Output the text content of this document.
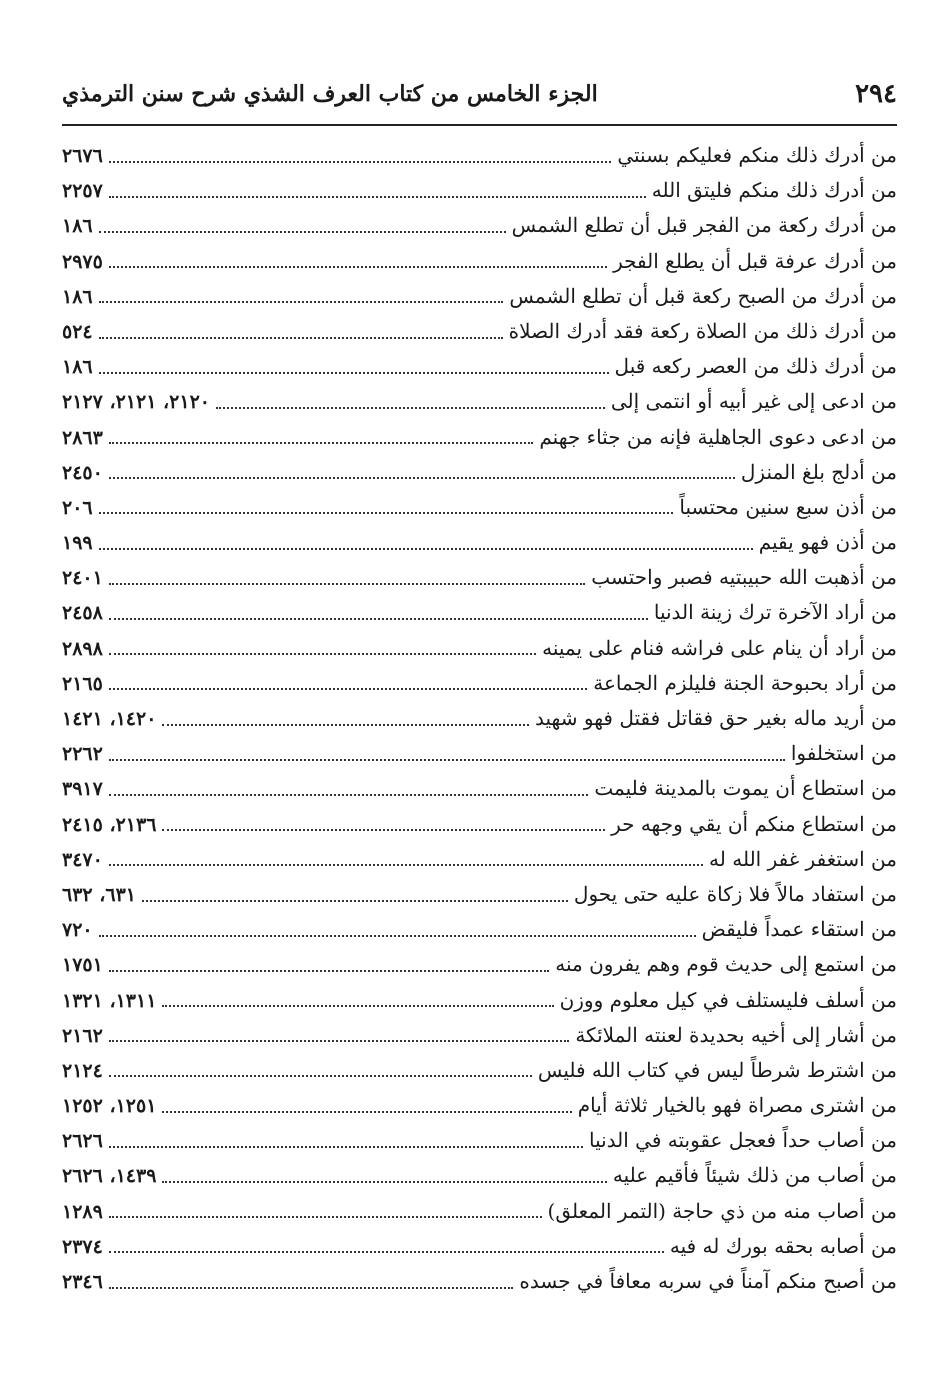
٢٩٤
الجزء الخامس من كتاب العرف الشذي شرح سنن الترمذي
من أدرك ذلك منكم فعليكم بسنتي
٢٦٧٦
من أدرك ذلك منكم فليتق الله
٢٢٥٧
من أدرك ركعة من الفجر قبل أن تطلع الشمس
١٨٦
من أدرك عرفة قبل أن يطلع الفجر
٢٩٧٥
من أدرك من الصبح ركعة قبل أن تطلع الشمس
١٨٦
من أدرك ذلك من الصلاة ركعة فقد أدرك الصلاة
٥٢٤
من أدرك ذلك من العصر ركعه قبل
١٨٦
من ادعى إلى غير أبيه أو انتمى إلى
٢١٢٠، ٢١٢١، ٢١٢٧
من ادعى دعوى الجاهلية فإنه من جثاء جهنم
٢٨٦٣
من أدلج بلغ المنزل
٢٤٥٠
من أذن سبع سنين محتسباً
٢٠٦
من أذن فهو يقيم
١٩٩
من أذهبت الله حبيبتيه فصبر واحتسب
٢٤٠١
من أراد الآخرة ترك زينة الدنيا
٢٤٥٨
من أراد أن ينام على فراشه فنام على يمينه
٢٨٩٨
من أراد بحبوحة الجنة فليلزم الجماعة
٢١٦٥
من أريد ماله بغير حق فقاتل فقتل فهو شهيد
١٤٢٠، ١٤٢١
من استخلفوا
٢٢٦٢
من استطاع أن يموت بالمدينة فليمت
٣٩١٧
من استطاع منكم أن يقي وجهه حر
٢١٣٦، ٢٤١٥
من استغفر غفر الله له
٣٤٧٠
من استفاد مالاً فلا زكاة عليه حتى يحول
٦٣١، ٦٣٢
من استقاء عمداً فليقض
٧٢٠
من استمع إلى حديث قوم وهم يفرون منه
١٧٥١
من أسلف فليستلف في كيل معلوم ووزن
١٣١١، ١٣٢١
من أشار إلى أخيه بحديدة لعنته الملائكة
٢١٦٢
من اشترط شرطاً ليس في كتاب الله فليس
٢١٢٤
من اشترى مصراة فهو بالخيار ثلاثة أيام
١٢٥١، ١٢٥٢
من أصاب حداً فعجل عقوبته في الدنيا
٢٦٢٦
من أصاب من ذلك شيئاً فأقيم عليه
١٤٣٩، ٢٦٢٦
من أصاب منه من ذي حاجة (التمر المعلق)
١٢٨٩
من أصابه بحقه بورك له فيه
٢٣٧٤
من أصبح منكم آمناً في سربه معافاً في جسده
٢٣٤٦
